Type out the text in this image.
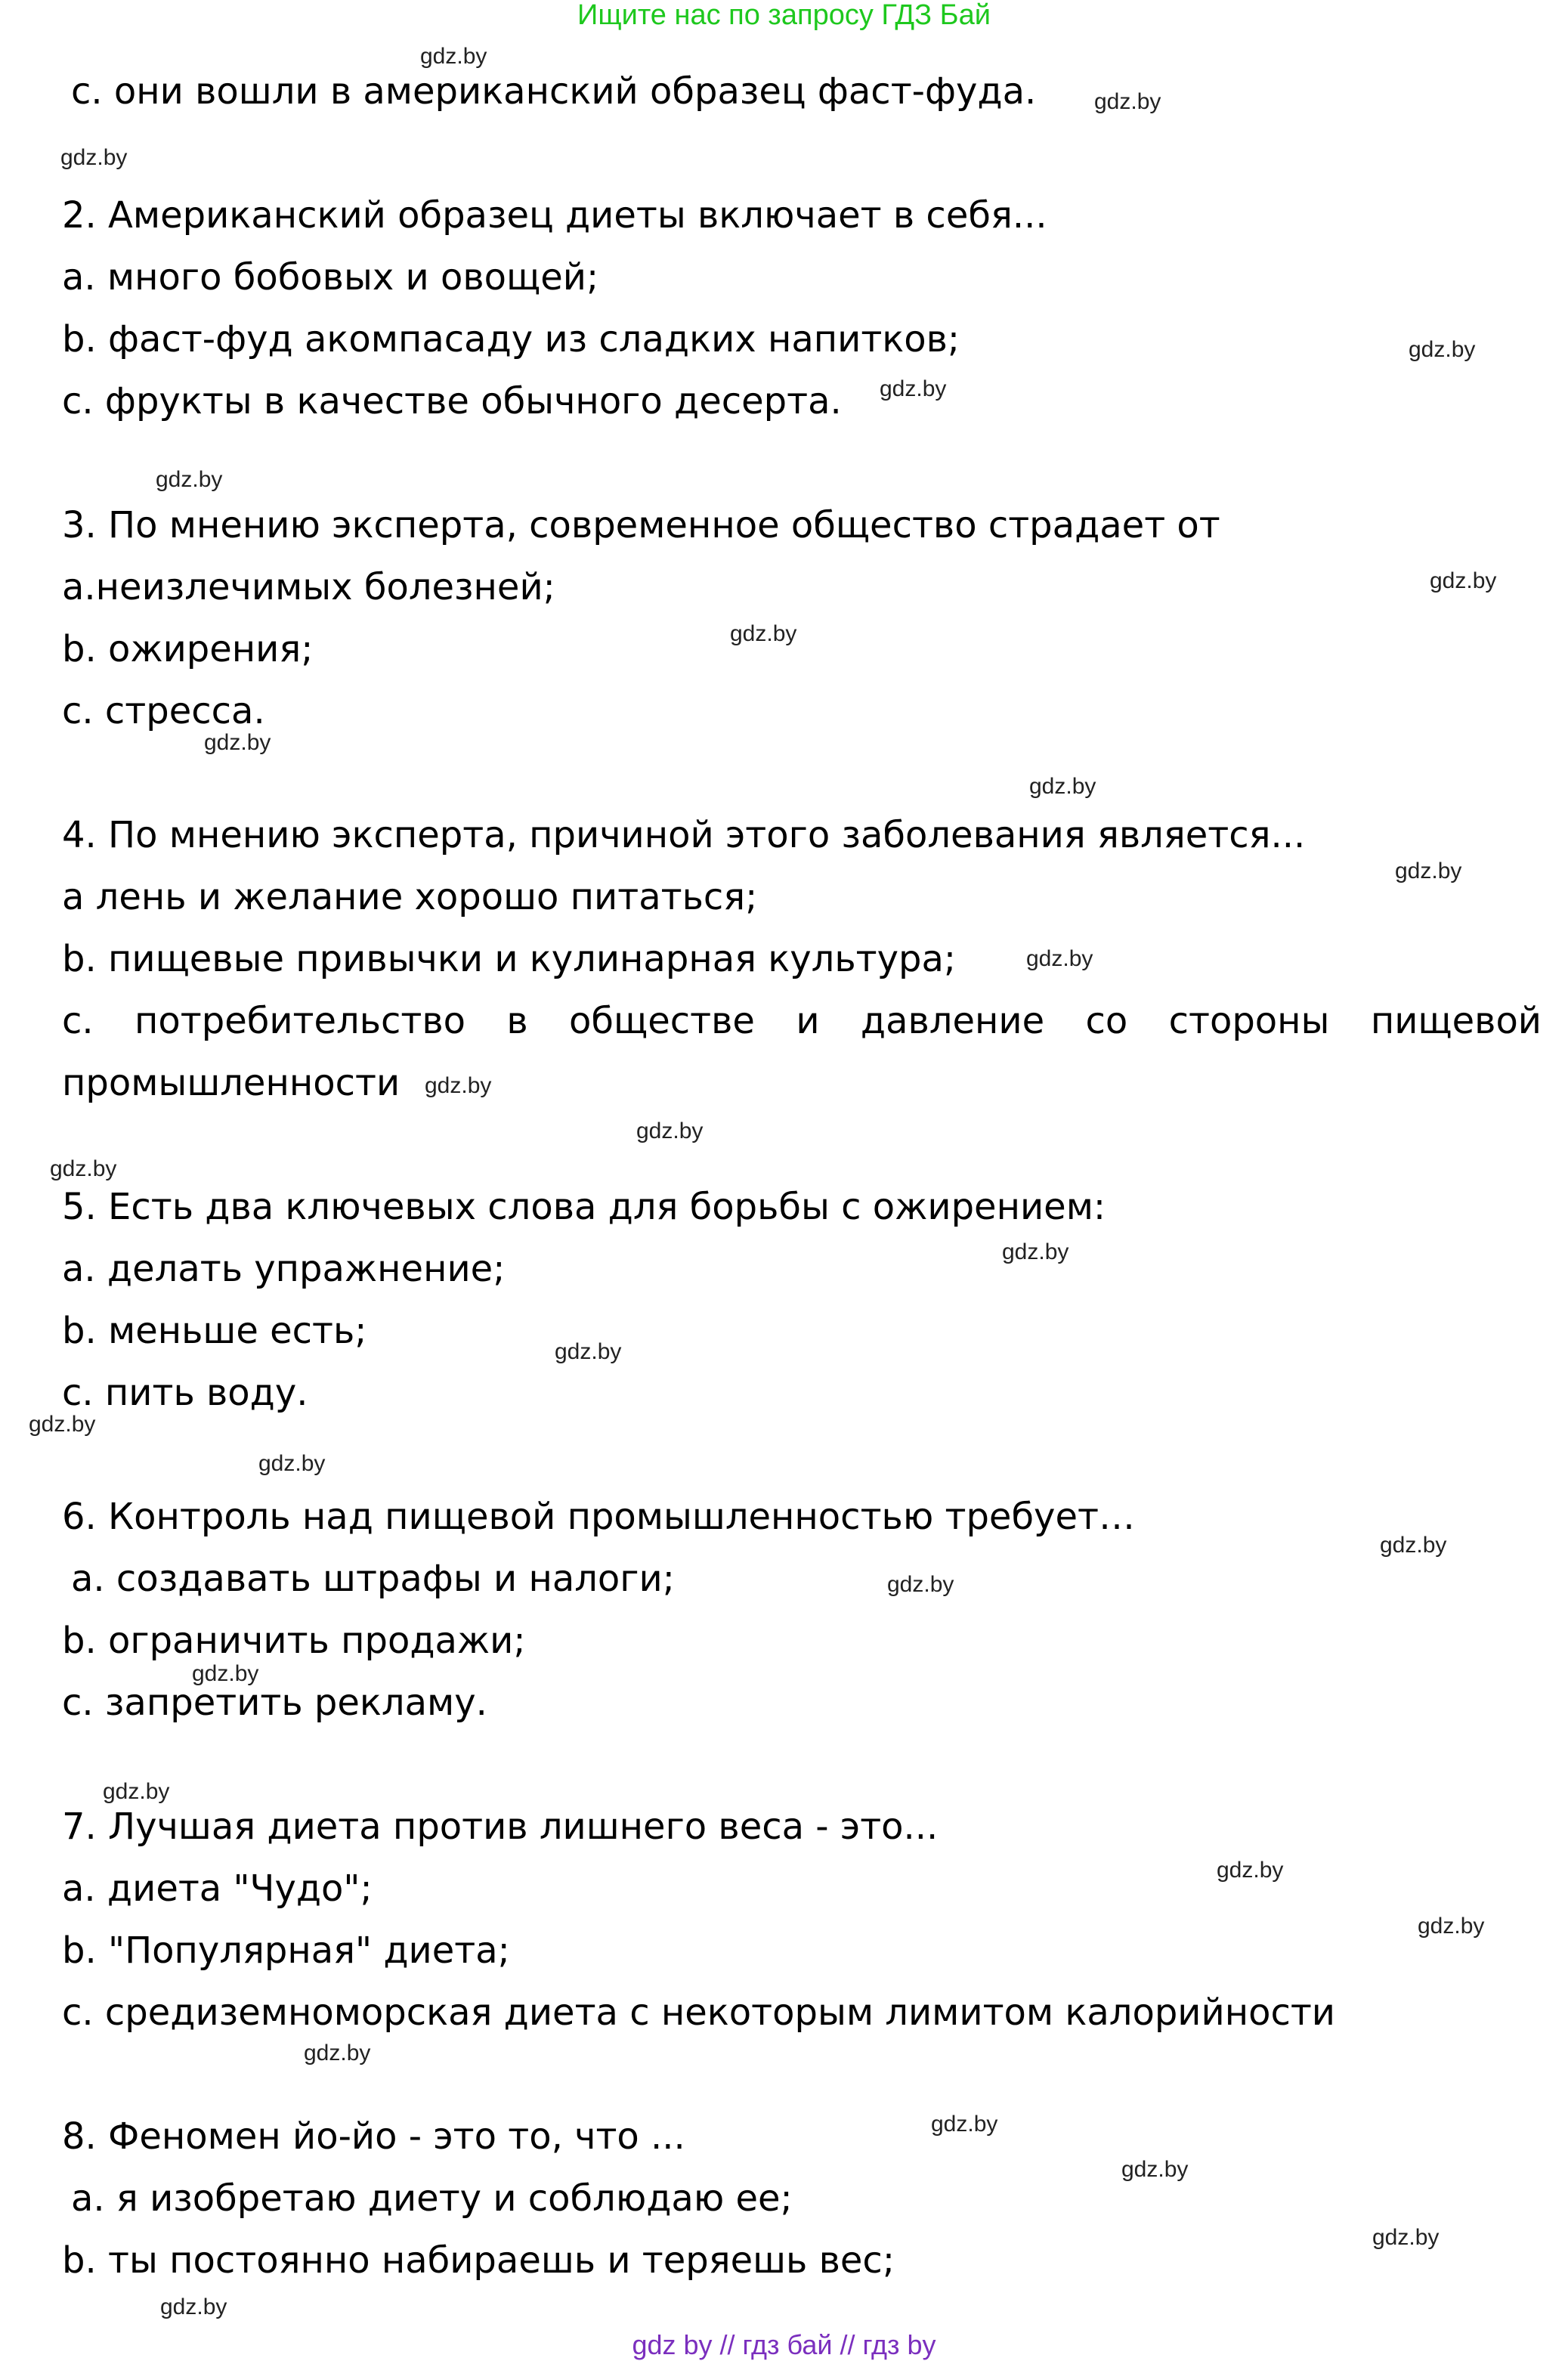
Ищите нас по запросу ГДЗ Бай
c. они вошли в американский образец фаст-фуда.
2. Американский образец диеты включает в себя...
a. много бобовых и овощей;
b. фаст-фуд акомпасаду из сладких напитков;
c. фрукты в качестве обычного десерта.
3. По мнению эксперта, современное общество страдает от
a.неизлечимых болезней;
b. ожирения;
c. стресса.
4. По мнению эксперта, причиной этого заболевания является...
a лень и желание хорошо питаться;
b. пищевые привычки и кулинарная культура;
c. потребительство в обществе и давление со стороны пищевой
промышленности
5. Есть два ключевых слова для борьбы с ожирением:
a. делать упражнение;
b. меньше есть;
c. пить воду.
6. Контроль над пищевой промышленностью требует…
a. создавать штрафы и налоги;
b. ограничить продажи;
c. запретить рекламу.
7. Лучшая диета против лишнего веса - это...
a. диета "Чудо";
b. "Популярная" диета;
c. средиземноморская диета с некоторым лимитом калорийности
8. Феномен йо-йо - это то, что ...
a. я изобретаю диету и соблюдаю ее;
b. ты постоянно набираешь и теряешь вес;
gdz.by
gdz.by
gdz.by
gdz.by
gdz.by
gdz.by
gdz.by
gdz.by
gdz.by
gdz.by
gdz.by
gdz.by
gdz.by
gdz.by
gdz.by
gdz.by
gdz.by
gdz.by
gdz.by
gdz.by
gdz.by
gdz.by
gdz.by
gdz.by
gdz.by
gdz.by
gdz.by
gdz.by
gdz.by
gdz.by
gdz by // гдз бай // гдз by
